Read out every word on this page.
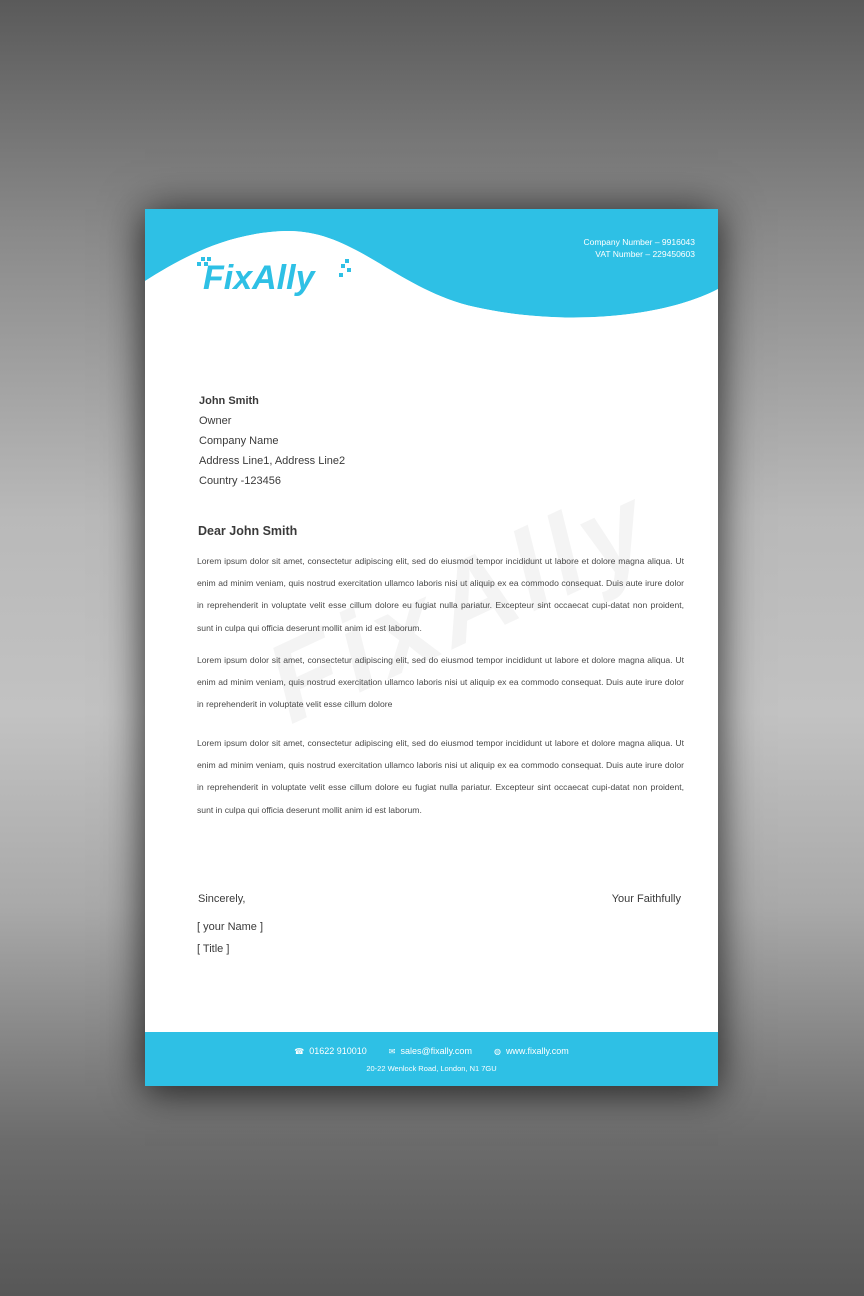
FixAlly
Company Number – 9916043
VAT Number – 229450603
John Smith
Owner
Company Name
Address Line1, Address Line2
Country -123456
Dear John Smith
Lorem ipsum dolor sit amet, consectetur adipiscing elit, sed do eiusmod tempor incididunt ut labore et dolore magna aliqua. Ut enim ad minim veniam, quis nostrud exercitation ullamco laboris nisi ut aliquip ex ea commodo consequat. Duis aute irure dolor in reprehenderit in voluptate velit esse cillum dolore eu fugiat nulla pariatur. Excepteur sint occaecat cupi-datat non proident, sunt in culpa qui officia deserunt mollit anim id est laborum.
Lorem ipsum dolor sit amet, consectetur adipiscing elit, sed do eiusmod tempor incididunt ut labore et dolore magna aliqua. Ut enim ad minim veniam, quis nostrud exercitation ullamco laboris nisi ut aliquip ex ea commodo consequat. Duis aute irure dolor in reprehenderit in voluptate velit esse cillum dolore
Lorem ipsum dolor sit amet, consectetur adipiscing elit, sed do eiusmod tempor incididunt ut labore et dolore magna aliqua. Ut enim ad minim veniam, quis nostrud exercitation ullamco laboris nisi ut aliquip ex ea commodo consequat. Duis aute irure dolor in reprehenderit in voluptate velit esse cillum dolore eu fugiat nulla pariatur. Excepteur sint occaecat cupi-datat non proident, sunt in culpa qui officia deserunt mollit anim id est laborum.
Sincerely,	Your Faithfully
[ your Name ]
[ Title ]
☎ 01622 910010	✉ sales@fixally.com	◍ www.fixally.com
20-22 Wenlock Road, London, N1 7GU
